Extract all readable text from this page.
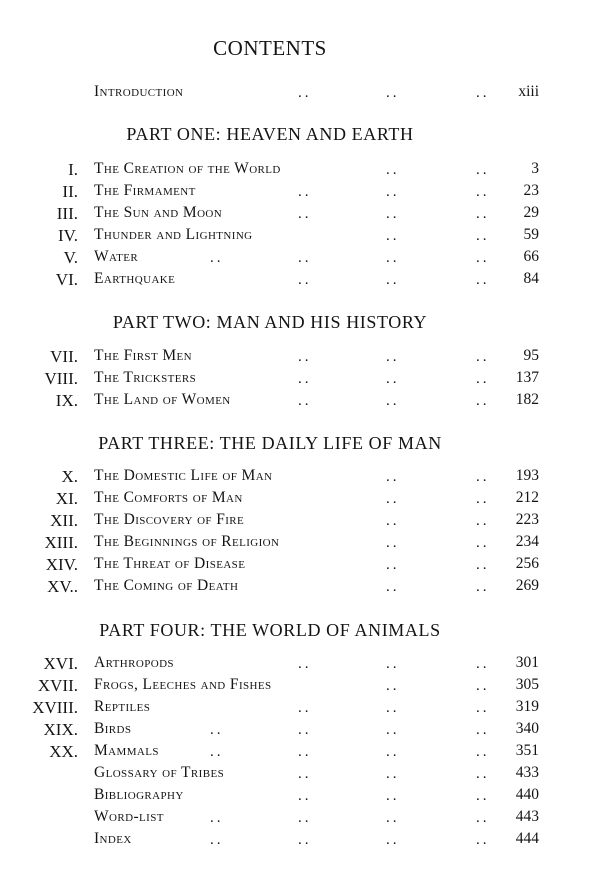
CONTENTS
Introduction	..	..	.. xiii
PART ONE: HEAVEN AND EARTH
I. The Creation of the World	..	..	3
II. The Firmament	..	..	.. 23
III. The Sun and Moon	..	..	.. 29
IV. Thunder and Lightning	..	.. 59
V. Water	..	..	..	.. 66
VI. Earthquake	..	..	.. 84
PART TWO: MAN AND HIS HISTORY
VII. The First Men	..	..	.. 95
VIII. The Tricksters	..	..	.. 137
IX. The Land of Women	..	..	.. 182
PART THREE: THE DAILY LIFE OF MAN
X. The Domestic Life of Man	..	.. 193
XI. The Comforts of Man	..	.. 212
XII. The Discovery of Fire	..	.. 223
XIII. The Beginnings of Religion	..	.. 234
XIV. The Threat of Disease	..	.. 256
XV.. The Coming of Death	..	.. 269
PART FOUR: THE WORLD OF ANIMALS
XVI. Arthropods	..	..	.. 301
XVII. Frogs, Leeches and Fishes	..	.. 305
XVIII. Reptiles	..	..	.. 319
XIX. Birds	..	..	..	.. 340
XX. Mammals	..	..	..	.. 351
Glossary of Tribes	..	..	.. 433
Bibliography	..	..	.. 440
Word-list	..	..	..	.. 443
Index	..	..	..	.. 444
